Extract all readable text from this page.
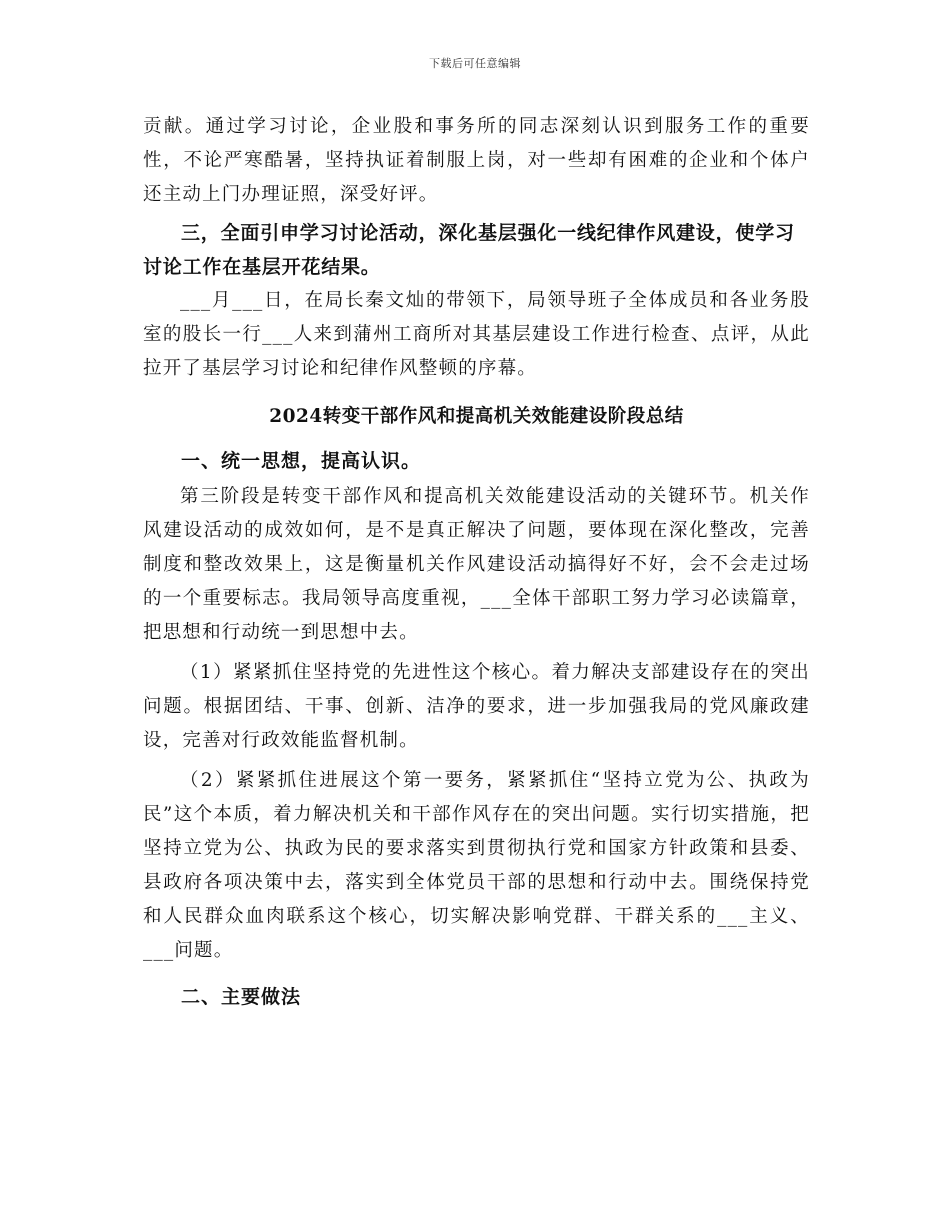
下载后可任意编辑

贡献。通过学习讨论，企业股和事务所的同志深刻认识到服务工作的重要性，不论严寒酷暑，坚持执证着制服上岗，对一些却有困难的企业和个体户还主动上门办理证照，深受好评。

三，全面引申学习讨论活动，深化基层强化一线纪律作风建设，使学习讨论工作在基层开花结果。

___月___日，在局长秦文灿的带领下，局领导班子全体成员和各业务股室的股长一行___人来到蒲州工商所对其基层建设工作进行检查、点评，从此拉开了基层学习讨论和纪律作风整顿的序幕。

2024转变干部作风和提高机关效能建设阶段总结

一、统一思想，提高认识。

第三阶段是转变干部作风和提高机关效能建设活动的关键环节。机关作风建设活动的成效如何，是不是真正解决了问题，要体现在深化整改，完善制度和整改效果上，这是衡量机关作风建设活动搞得好不好，会不会走过场的一个重要标志。我局领导高度重视，___全体干部职工努力学习必读篇章，把思想和行动统一到思想中去。

（1）紧紧抓住坚持党的先进性这个核心。着力解决支部建设存在的突出问题。根据团结、干事、创新、洁净的要求，进一步加强我局的党风廉政建设，完善对行政效能监督机制。

（2）紧紧抓住进展这个第一要务，紧紧抓住“坚持立党为公、执政为民”这个本质，着力解决机关和干部作风存在的突出问题。实行切实措施，把坚持立党为公、执政为民的要求落实到贯彻执行党和国家方针政策和县委、县政府各项决策中去，落实到全体党员干部的思想和行动中去。围绕保持党和人民群众血肉联系这个核心，切实解决影响党群、干群关系的___主义、___问题。

二、主要做法
